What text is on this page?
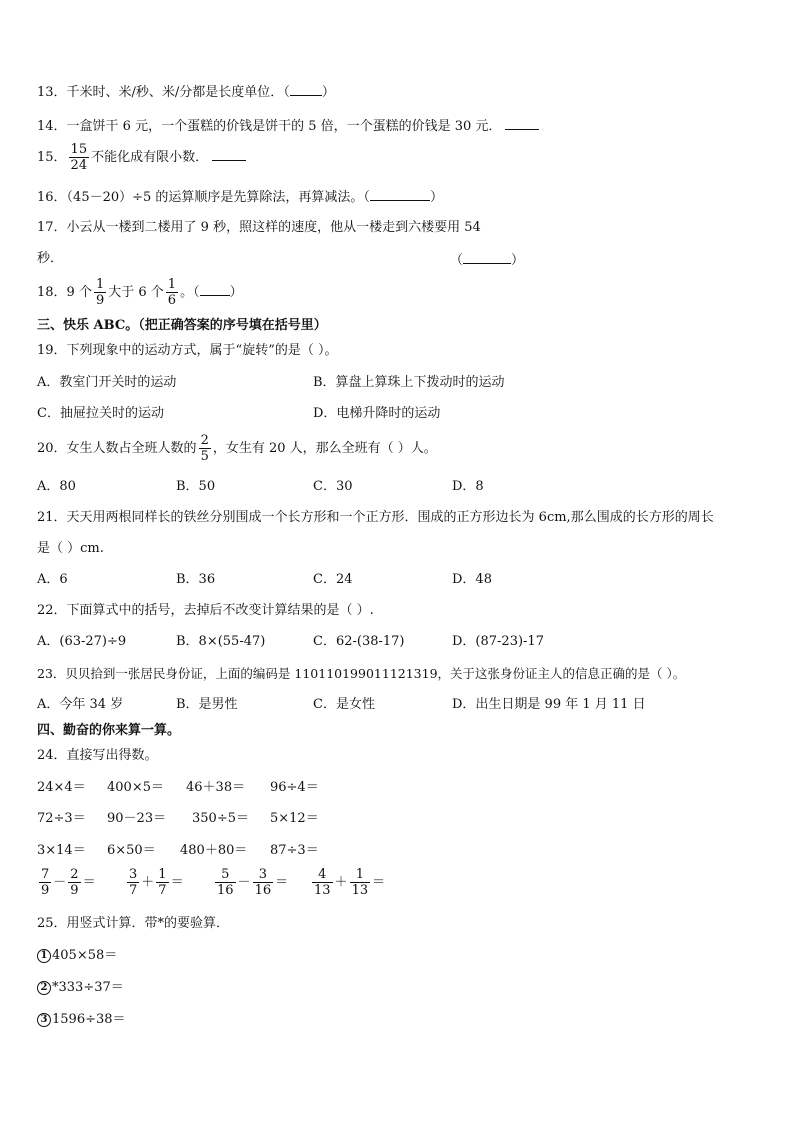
13．千米时、米/秒、米/分都是长度单位．（ ）
14．一盒饼干 6 元，一个蛋糕的价钱是饼干的 5 倍，一个蛋糕的价钱是 30 元．
15． $\frac{15}{24}$ 不能化成有限小数．
16．（45－20）÷5 的运算顺序是先算除法，再算减法。（	）
17．小云从一楼到二楼用了 9 秒，照这样的速度，他从一楼走到六楼要用 54
秒．	（	）
18．9 个 $\frac{1}{9}$ 大于 6 个 $\frac{1}{6}$ 。（ ）
三、快乐 ABC。（把正确答案的序号填在括号里）
19．下列现象中的运动方式，属于“旋转”的是（ ）。
A．教室门开关时的运动	B．算盘上算珠上下拨动时的运动
C．抽屉拉关时的运动	D．电梯升降时的运动
20．女生人数占全班人数的 $\frac{2}{5}$ ，女生有 20 人，那么全班有（ ）人。
A．80	B．50	C．30	D．8
21．天天用两根同样长的铁丝分别围成一个长方形和一个正方形．围成的正方形边长为 6cm,那么围成的长方形的周长
是（ ）cm.
A．6	B．36	C．24	D．48
22．下面算式中的括号，去掉后不改变计算结果的是（ ）.
A．(63-27)÷9	B．8×(55-47)	C．62-(38-17)	D．(87-23)-17
23．贝贝拾到一张居民身份证，上面的编码是 110110199011121319，关于这张身份证主人的信息正确的是（ ）。
A．今年 34 岁	B．是男性	C．是女性	D．出生日期是 99 年 1 月 11 日
四、勤奋的你来算一算。
24．直接写出得数。
24×4＝ 400×5＝ 46＋38＝ 96÷4＝
72÷3＝ 90－23＝ 350÷5＝ 5×12＝
3×14＝ 6×50＝ 480＋80＝ 87÷3＝
$\frac{7}{9} - \frac{2}{9} = \frac{3}{7} + \frac{1}{7} = \frac{5}{16} - \frac{3}{16} = \frac{4}{13} + \frac{1}{13}$ ＝
25．用竖式计算．带*的要验算．
1 405×58＝
2 *333÷37＝
3 1596÷38＝
